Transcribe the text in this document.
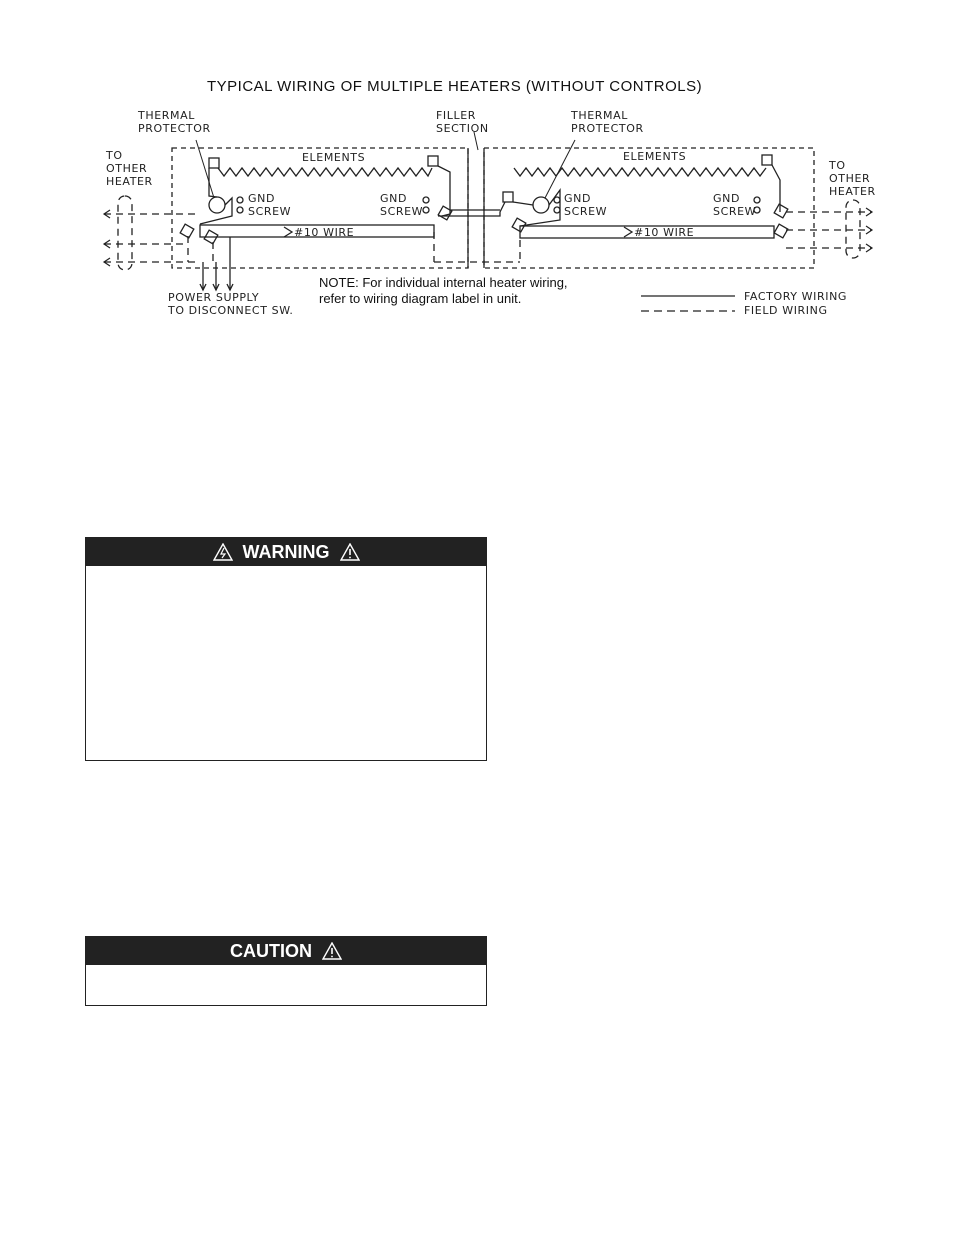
TYPICAL WIRING OF MULTIPLE HEATERS (WITHOUT CONTROLS)
TO
OTHER
HEATER
TO
OTHER
HEATER
THERMAL
PROTECTOR
THERMAL
PROTECTOR
FILLER
SECTION
ELEMENTS	ELEMENTS
GND
SCREW
GND
SCREW
GND
SCREW
GND
SCREW
#10 WIRE	#10 WIRE
POWER SUPPLY
TO DISCONNECT SW.
NOTE: For individual internal heater wiring,
refer to wiring diagram label in unit.	FACTORY WIRING
FIELD WIRING
WARNING
CAUTION
